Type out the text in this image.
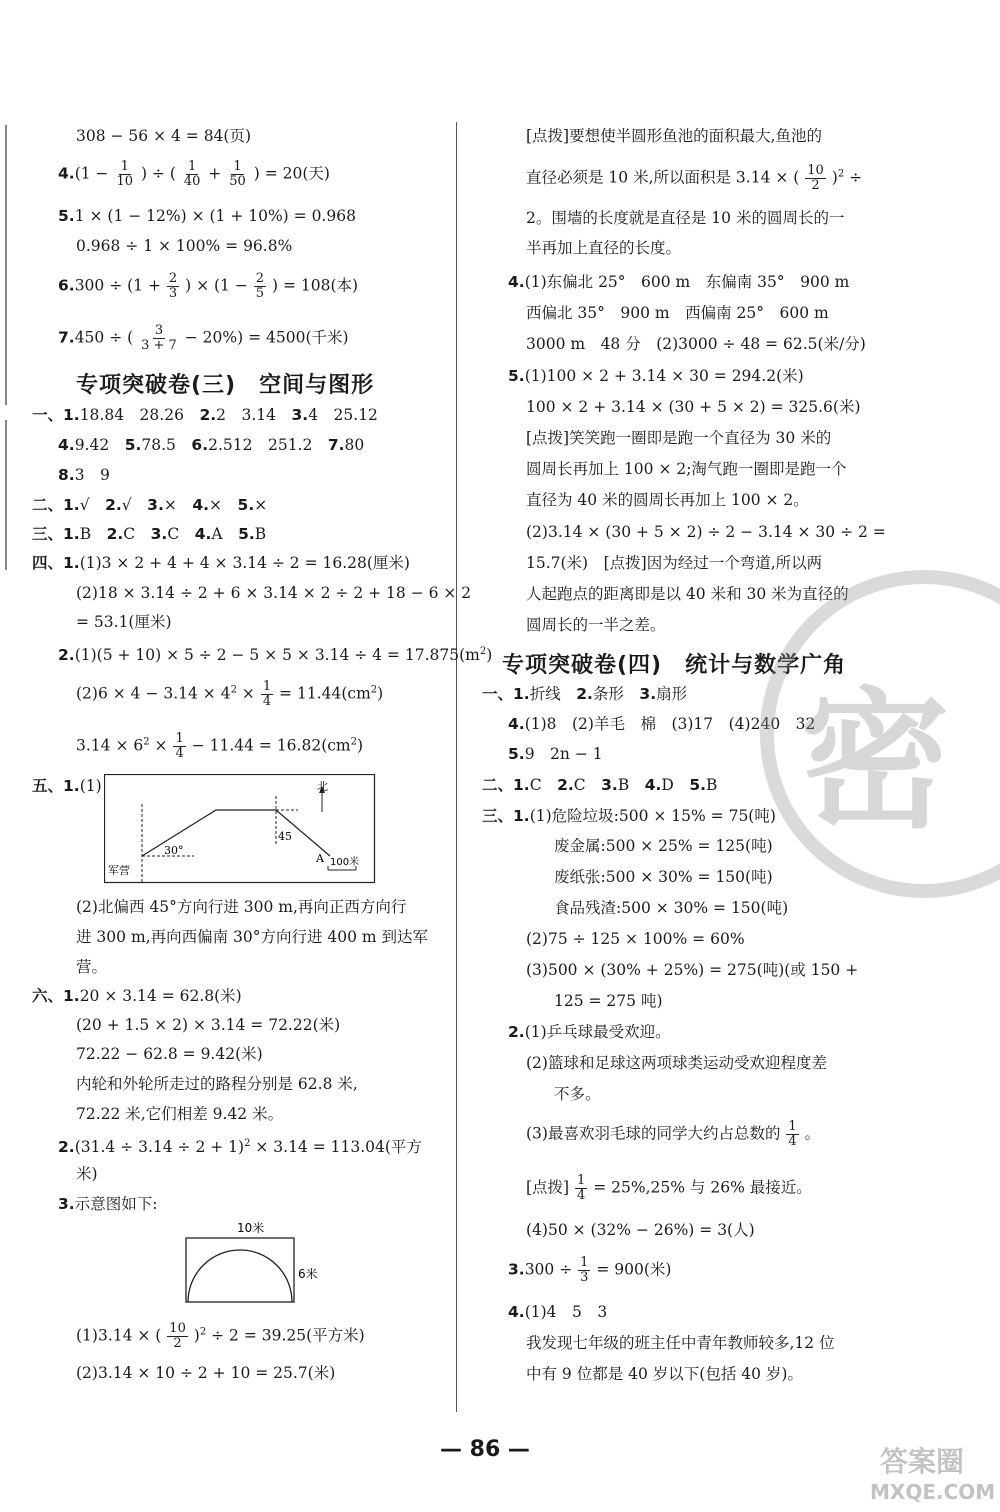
308 − 56 × 4 = 84(页)
$4.(1 - \frac{1}{10}$ ) ÷ ( $\frac{1}{40} + \frac{1}{50}$ ) = 20(天)
5.1 × (1 − 12%) × (1 + 10%) = 0.968
0.968 ÷ 1 × 100% = 96.8%
$6.300 \div (1 + \frac{2}{3}$ ) × ($1 - \frac{2}{5}$ ) = 108(本)
7.450 ÷ ( $\frac{3}{3 + 7} - 20\%) = 4500$(千米)
专项突破卷(三)　空间与图形
一、1.18.84　28.26　2.2　3.14　3.4　25.12
4.9.42　5.78.5　6.2.512　251.2　7.80
8.3　9
二、1.√　2.√　3.×　4.×　5.×
三、1.B　2.C　3.C　4.A　5.B
四、1.(1)3 × 2 + 4 + 4 × 3.14 ÷ 2 = 16.28(厘米)
(2)18 × 3.14 ÷ 2 + 6 × 3.14 × 2 ÷ 2 + 18 − 6 × 2
= 53.1(厘米)
$2.(1)(5 + 10) \times 5 \div 2 - 5 \times 5 \times 3.14 \div 4 = 17.875(m^2)$
$(2)6 \times 4 - 3.14 \times 4^2 \times \frac{1}{4} = 11.44(cm^2)$
$3.14 \times 6^2 \times \frac{1}{4} - 11.44 = 16.82(cm^2)$
五、1.(1)	北
30°
45
军营
A 100米
(2)北偏西 45°方向行进 300 m,再向正西方向行
进 300 m,再向西偏南 30°方向行进 400 m 到达军
营。
六、1.20 × 3.14 = 62.8(米)
(20 + 1.5 × 2) × 3.14 = 72.22(米)
72.22 − 62.8 = 9.42(米)
内轮和外轮所走过的路程分别是 62.8 米,
72.22 米,它们相差 9.42 米。
$2.(31.4 \div 3.14 \div 2 + 1)^2 \times 3.14 = 113.04$(平方
米)
3.示意图如下:
10米
6米
(1)3.14 × ( $\frac{10}{2} )^2 \div 2 = 39.25$(平方米)
(2)3.14 × 10 ÷ 2 + 10 = 25.7(米)
[点拨]要想使半圆形鱼池的面积最大,鱼池的
直径必须是 10 米,所以面积是 3.14 × ( $\frac{10}{2} )^2$ ÷
2。围墙的长度就是直径是 10 米的圆周长的一
半再加上直径的长度。
4.(1)东偏北 25°　600 m　东偏南 35°　900 m
西偏北 35°　900 m　西偏南 25°　600 m
3000 m　48 分　(2)3000 ÷ 48 = 62.5(米/分)
5.(1)100 × 2 + 3.14 × 30 = 294.2(米)
100 × 2 + 3.14 × (30 + 5 × 2) = 325.6(米)
[点拨]笑笑跑一圈即是跑一个直径为 30 米的
圆周长再加上 100 × 2;淘气跑一圈即是跑一个
直径为 40 米的圆周长再加上 100 × 2。
(2)3.14 × (30 + 5 × 2) ÷ 2 − 3.14 × 30 ÷ 2 =
15.7(米)　[点拨]因为经过一个弯道,所以两
人起跑点的距离即是以 40 米和 30 米为直径的
圆周长的一半之差。
专项突破卷(四)　统计与数学广角
一、1.折线　2.条形　3.扇形
4.(1)8　(2)羊毛　棉　(3)17　(4)240　32
5.9　2n − 1
二、1.C　2.C　3.B　4.D　5.B
三、1.(1)危险垃圾:500 × 15% = 75(吨)
废金属:500 × 25% = 125(吨)
废纸张:500 × 30% = 150(吨)
食品残渣:500 × 30% = 150(吨)
(2)75 ÷ 125 × 100% = 60%
(3)500 × (30% + 25%) = 275(吨)(或 150 +
125 = 275 吨)
2.(1)乒乓球最受欢迎。
(2)篮球和足球这两项球类运动受欢迎程度差
不多。
(3)最喜欢羽毛球的同学大约占总数的 $\frac{1}{4}$ 。
[点拨] $\frac{1}{4} = 25\%,25\%$ 与 26% 最接近。
(4)50 × (32% − 26%) = 3(人)
$3.300 \div \frac{1}{3} = 900$(米)
4.(1)4　5　3
我发现七年级的班主任中青年教师较多,12 位
中有 9 位都是 40 岁以下(包括 40 岁)。
密
— 86 —	答案圈
MXQE.COM
